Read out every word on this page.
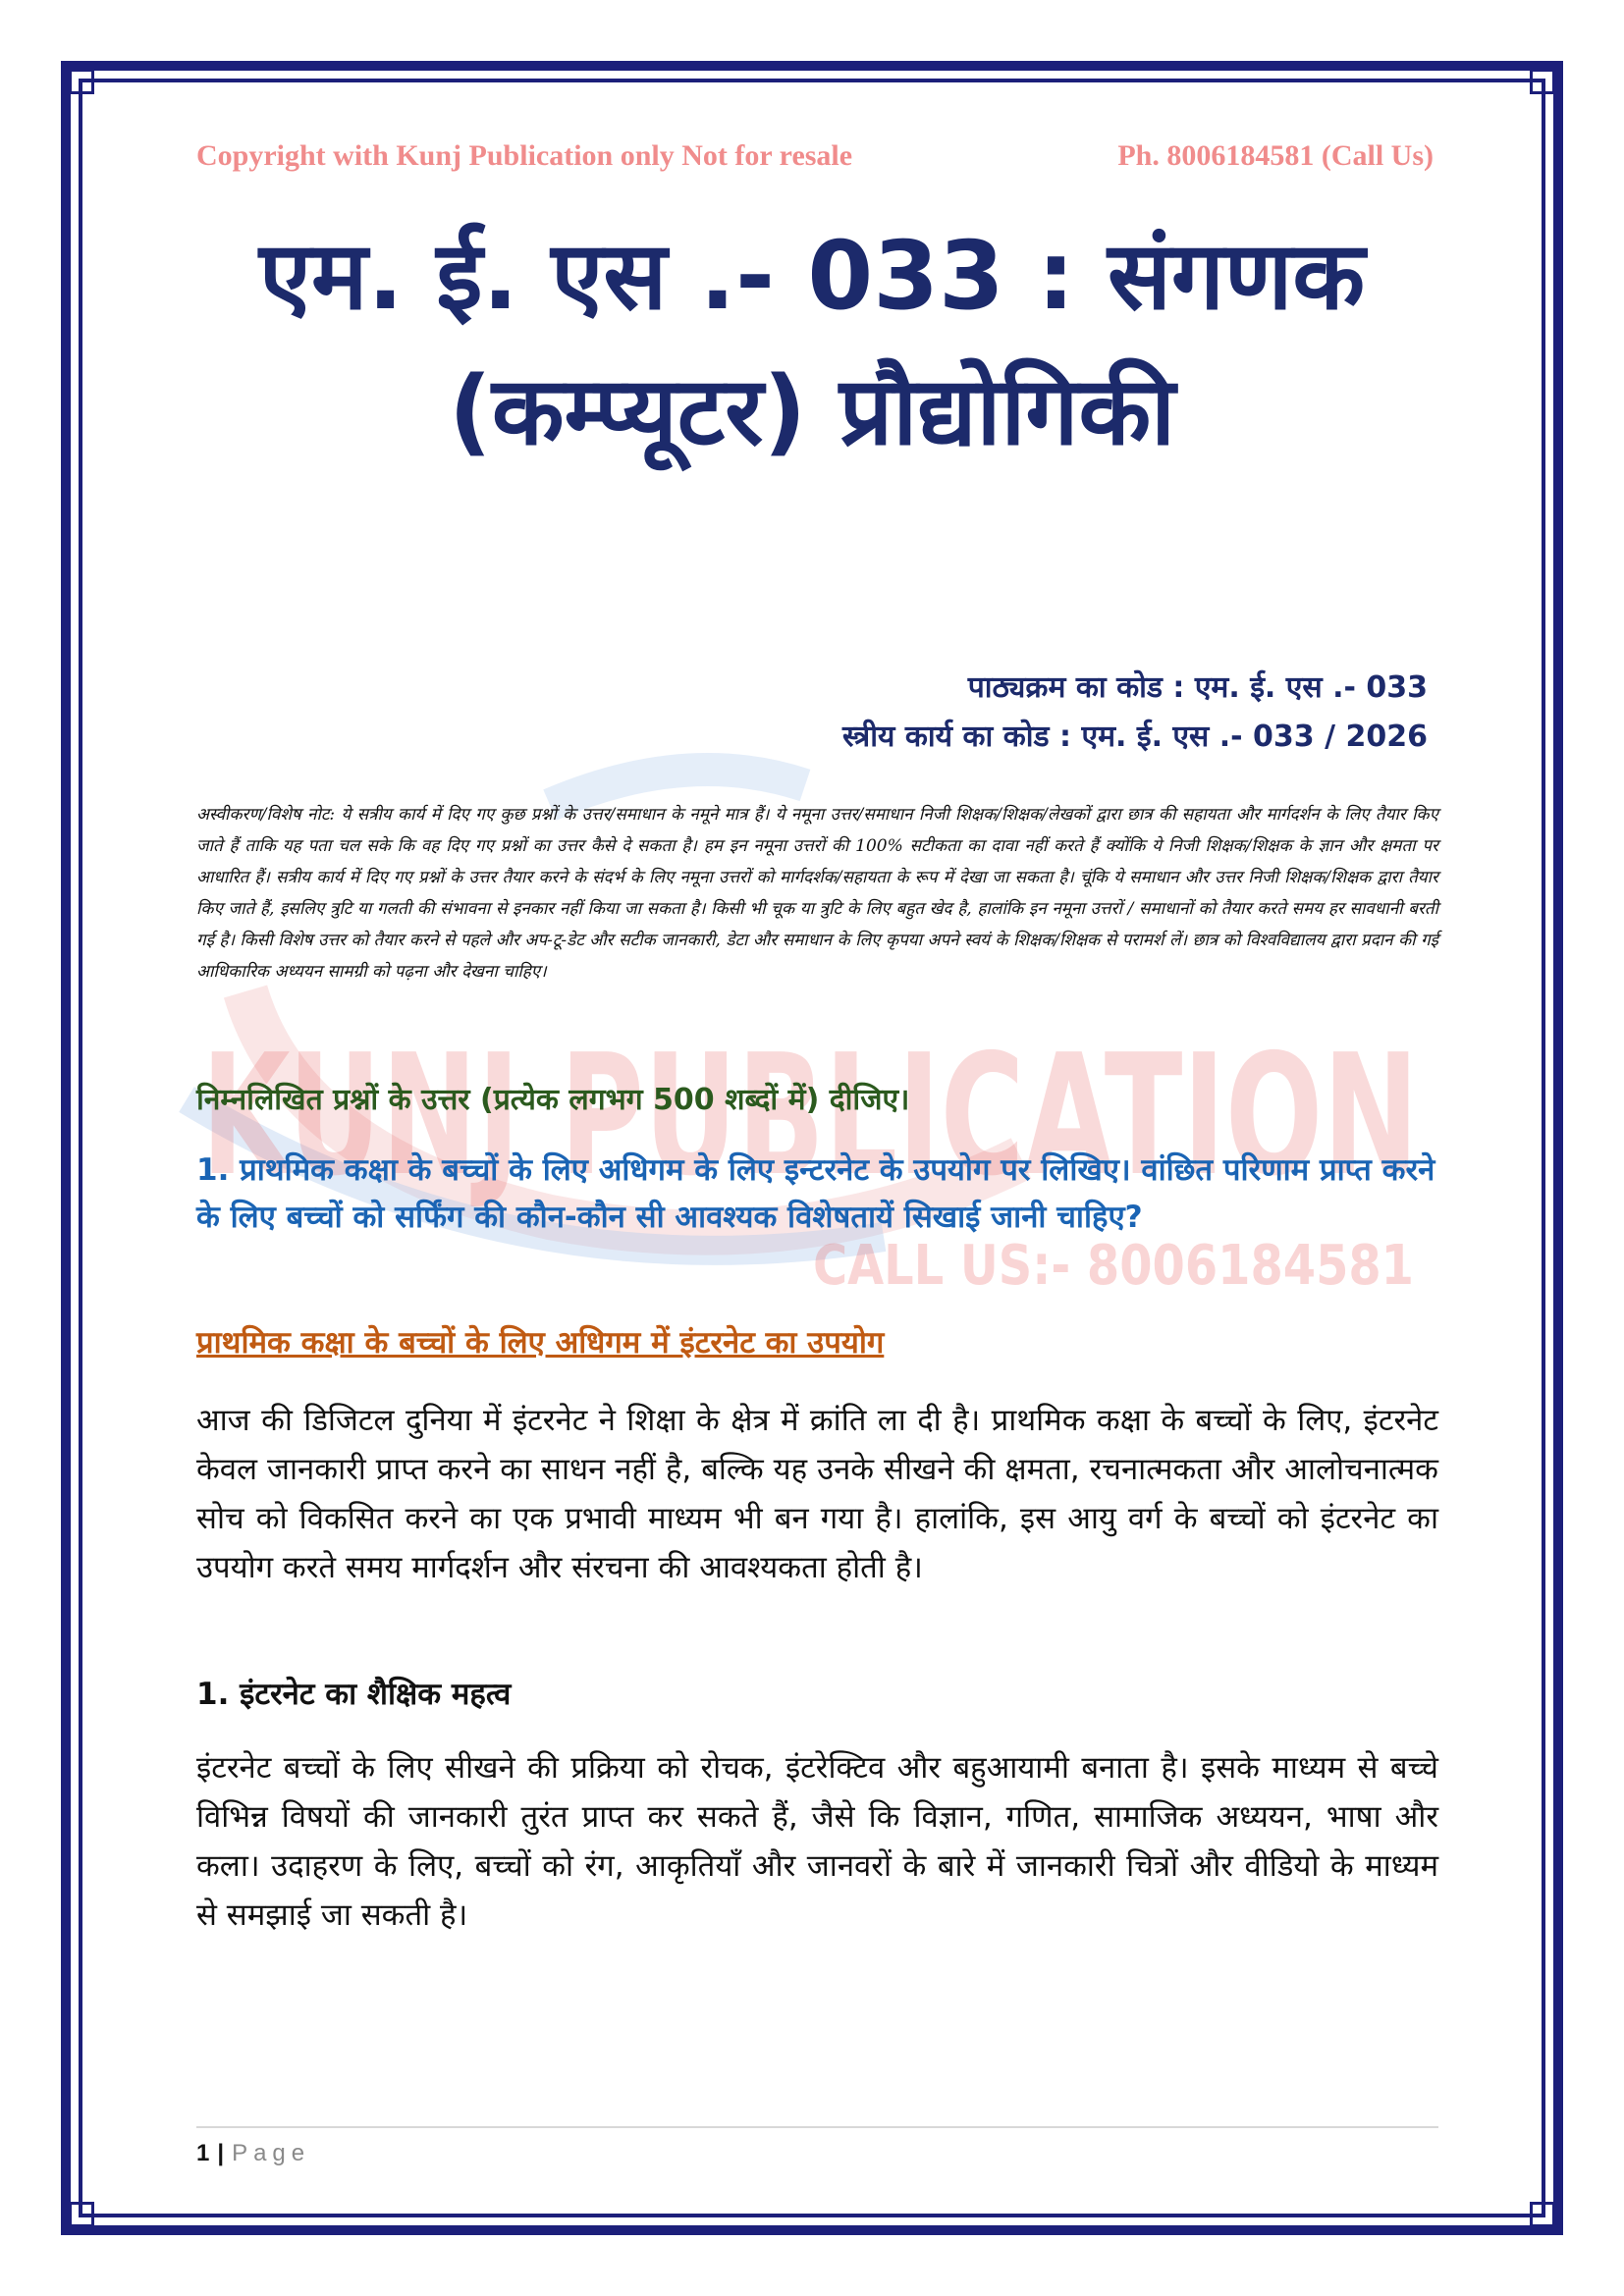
KUNJ PUBLICATION
CALL US:- 8006184581
Copyright with Kunj Publication only Not for resale	Ph. 8006184581 (Call Us)
एम. ई. एस .- 033 : संगणक
(कम्प्यूटर) प्रौद्योगिकी
पाठ्यक्रम का कोड : एम. ई. एस .- 033
स्त्रीय कार्य का कोड : एम. ई. एस .- 033 / 2026
अस्वीकरण/विशेष नोट: ये सत्रीय कार्य में दिए गए कुछ प्रश्नों के उत्तर/समाधान के नमूने मात्र हैं। ये नमूना उत्तर/समाधान निजी शिक्षक/शिक्षक/लेखकों द्वारा छात्र की सहायता और मार्गदर्शन के लिए तैयार किए जाते हैं ताकि यह पता चल सके कि वह दिए गए प्रश्नों का उत्तर कैसे दे सकता है। हम इन नमूना उत्तरों की 100% सटीकता का दावा नहीं करते हैं क्योंकि ये निजी शिक्षक/शिक्षक के ज्ञान और क्षमता पर आधारित हैं। सत्रीय कार्य में दिए गए प्रश्नों के उत्तर तैयार करने के संदर्भ के लिए नमूना उत्तरों को मार्गदर्शक/सहायता के रूप में देखा जा सकता है। चूंकि ये समाधान और उत्तर निजी शिक्षक/शिक्षक द्वारा तैयार किए जाते हैं, इसलिए त्रुटि या गलती की संभावना से इनकार नहीं किया जा सकता है। किसी भी चूक या त्रुटि के लिए बहुत खेद है, हालांकि इन नमूना उत्तरों / समाधानों को तैयार करते समय हर सावधानी बरती गई है। किसी विशेष उत्तर को तैयार करने से पहले और अप-टू-डेट और सटीक जानकारी, डेटा और समाधान के लिए कृपया अपने स्वयं के शिक्षक/शिक्षक से परामर्श लें। छात्र को विश्वविद्यालय द्वारा प्रदान की गई आधिकारिक अध्ययन सामग्री को पढ़ना और देखना चाहिए।
निम्नलिखित प्रश्नों के उत्तर (प्रत्येक लगभग 500 शब्दों में) दीजिए।
1. प्राथमिक कक्षा के बच्चों के लिए अधिगम के लिए इन्टरनेट के उपयोग पर लिखिए। वांछित परिणाम प्राप्त करने के लिए बच्चों को सर्फिंग की कौन-कौन सी आवश्यक विशेषतायें सिखाई जानी चाहिए?
प्राथमिक कक्षा के बच्चों के लिए अधिगम में इंटरनेट का उपयोग
आज की डिजिटल दुनिया में इंटरनेट ने शिक्षा के क्षेत्र में क्रांति ला दी है। प्राथमिक कक्षा के बच्चों के लिए, इंटरनेट केवल जानकारी प्राप्त करने का साधन नहीं है, बल्कि यह उनके सीखने की क्षमता, रचनात्मकता और आलोचनात्मक सोच को विकसित करने का एक प्रभावी माध्यम भी बन गया है। हालांकि, इस आयु वर्ग के बच्चों को इंटरनेट का उपयोग करते समय मार्गदर्शन और संरचना की आवश्यकता होती है।
1. इंटरनेट का शैक्षिक महत्व
इंटरनेट बच्चों के लिए सीखने की प्रक्रिया को रोचक, इंटरेक्टिव और बहुआयामी बनाता है। इसके माध्यम से बच्चे विभिन्न विषयों की जानकारी तुरंत प्राप्त कर सकते हैं, जैसे कि विज्ञान, गणित, सामाजिक अध्ययन, भाषा और कला। उदाहरण के लिए, बच्चों को रंग, आकृतियाँ और जानवरों के बारे में जानकारी चित्रों और वीडियो के माध्यम से समझाई जा सकती है।
1 | Page
